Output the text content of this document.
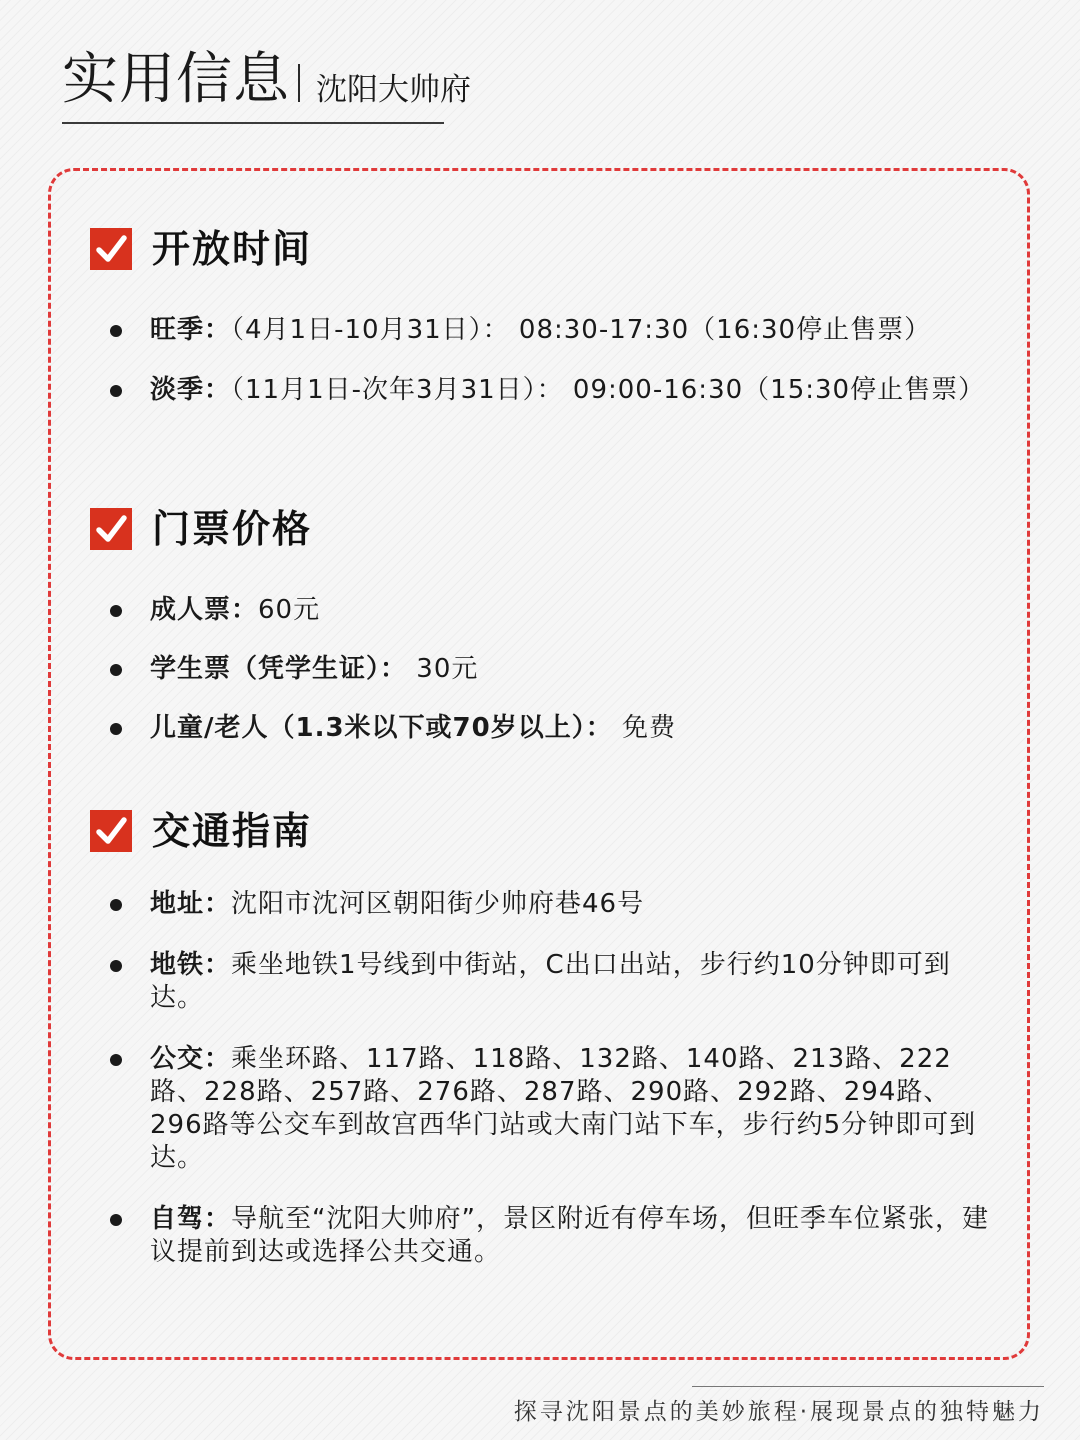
实用信息 沈阳大帅府
开放时间
旺季：（4月1日-10月31日）： 08:30-17:30（16:30停止售票）
淡季：（11月1日-次年3月31日）： 09:00-16:30（15:30停止售票）
门票价格
成人票：60元
学生票（凭学生证）： 30元
儿童/老人（1.3米以下或70岁以上）： 免费
交通指南
地址：沈阳市沈河区朝阳街少帅府巷46号
地铁：乘坐地铁1号线到中街站，C出口出站，步行约10分钟即可到达。
公交：乘坐环路、117路、118路、132路、140路、213路、222路、228路、257路、276路、287路、290路、292路、294路、296路等公交车到故宫西华门站或大南门站下车，步行约5分钟即可到达。
自驾：导航至“沈阳大帅府”，景区附近有停车场，但旺季车位紧张，建议提前到达或选择公共交通。
探寻沈阳景点的美妙旅程·展现景点的独特魅力
